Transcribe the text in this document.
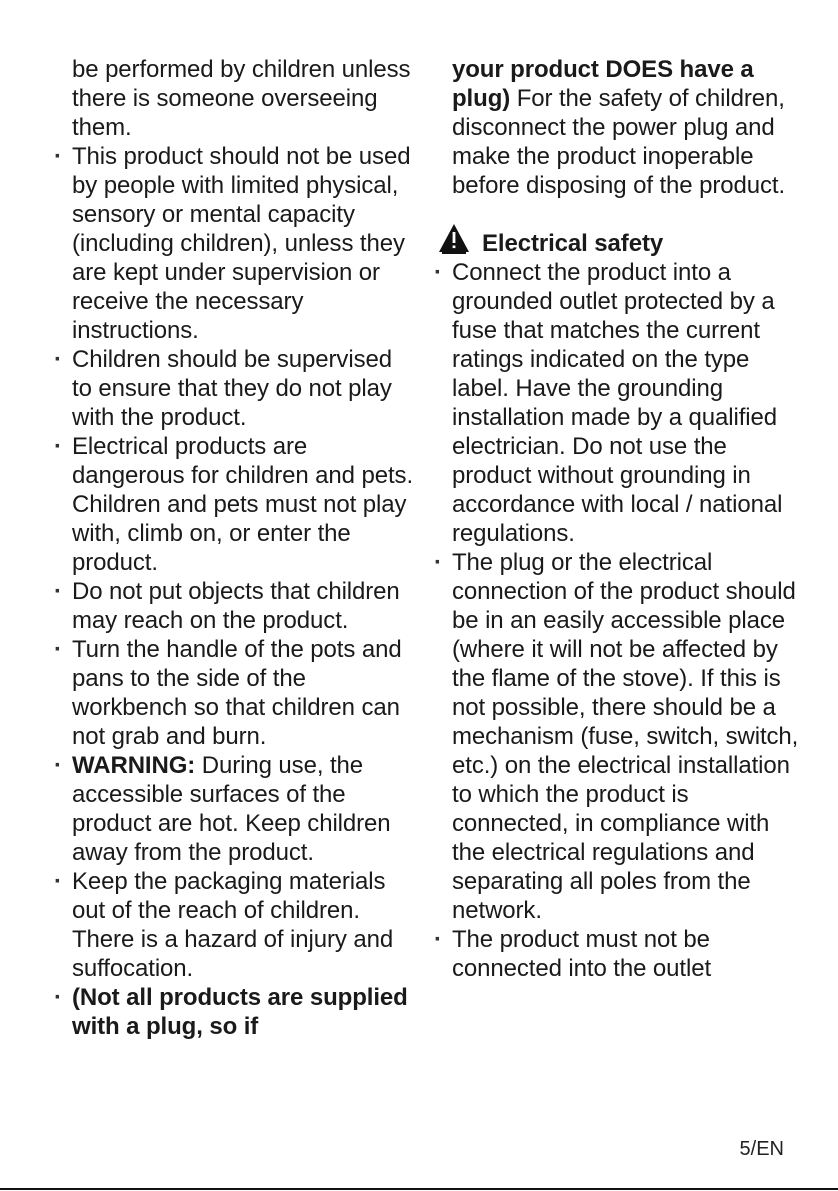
be performed by children unless there is someone overseeing them.

· This product should not be used by people with limited physical, sensory or mental capacity (including children), unless they are kept under supervision or receive the necessary instructions.
· Children should be supervised to ensure that they do not play with the product.
· Electrical products are dangerous for children and pets. Children and pets must not play with, climb on, or enter the product.
· Do not put objects that children may reach on the product.
· Turn the handle of the pots and pans to the side of the workbench so that children can not grab and burn.
· WARNING: During use, the accessible surfaces of the product are hot. Keep children away from the product.
· Keep the packaging materials out of the reach of children. There is a hazard of injury and suffocation.
· (Not all products are supplied with a plug, so if

your product DOES have a plug) For the safety of children, disconnect the power plug and make the product inoperable before disposing of the product.

Electrical safety
· Connect the product into a grounded outlet protected by a fuse that matches the current ratings indicated on the type label. Have the grounding installation made by a qualified electrician. Do not use the product without grounding in accordance with local / national regulations.
· The plug or the electrical connection of the product should be in an easily accessible place (where it will not be affected by the flame of the stove). If this is not possible, there should be a mechanism (fuse, switch, switch, etc.) on the electrical installation to which the product is connected, in compliance with the electrical regulations and separating all poles from the network.
· The product must not be connected into the outlet
5/EN
